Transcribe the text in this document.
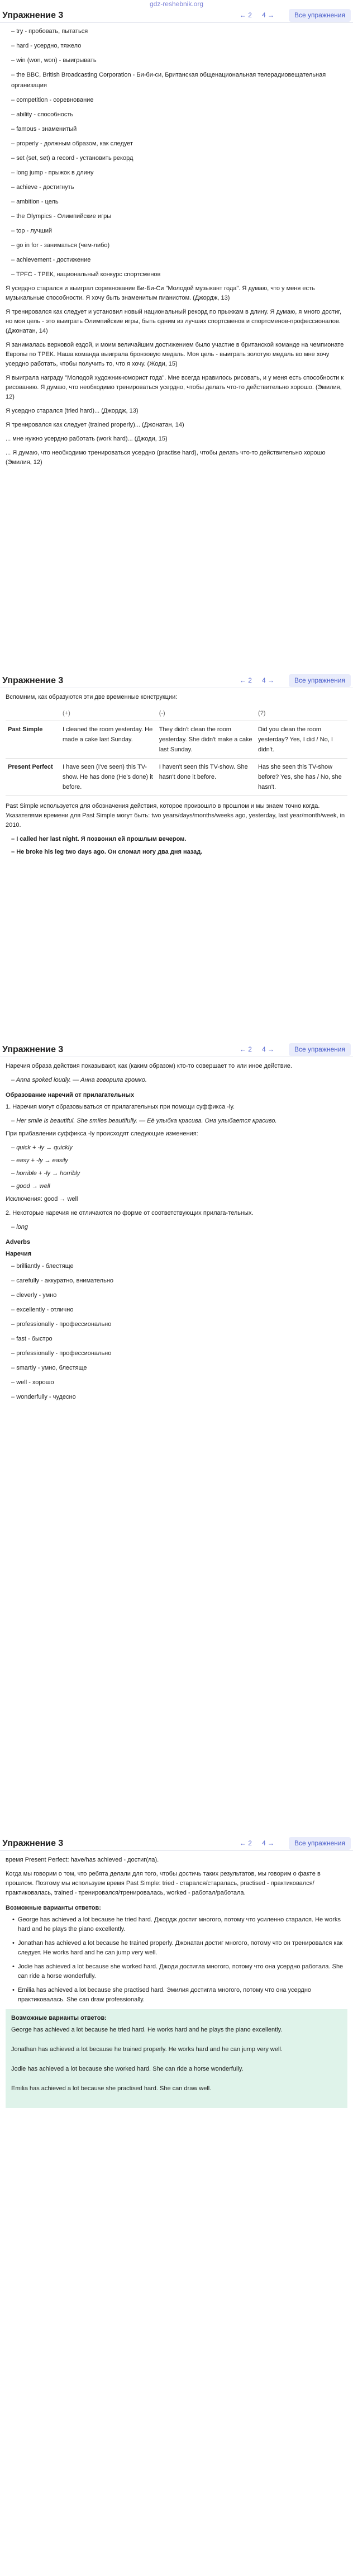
gdz-reshebnik.org
Упражнение 3	← 2	4 →	Все упражнения
– try - пробовать, пытаться
– hard - усердно, тяжело
– win (won, won) - выигрывать
– the BBC, British Broadcasting Corporation - Би-би-си, Британская общенациональная телерадиовещательная организация
– competition - соревнование
– ability - способность
– famous - знаменитый
– properly - должным образом, как следует
– set (set, set) a record - установить рекорд
– long jump - прыжок в длину
– achieve - достигнуть
– ambition - цель
– the Olympics - Олимпийские игры
– top - лучший
– go in for - заниматься (чем-либо)
– achievement - достижение
– TPFC - ТРЕК, национальный конкурс спортсменов

Я усердно старался и выиграл соревнование Би-Би-Си "Молодой музыкант года". Я думаю, что у меня есть музыкальные способности. Я хочу быть знаменитым пианистом. (Джордж, 13)

Я тренировался как следует и установил новый национальный рекорд по прыжкам в длину. Я думаю, я много достиг, но моя цель - это выиграть Олимпийские игры, быть одним из лучших спортсменов и спортсменов-профессионалов. (Джонатан, 14)

Я занималась верховой ездой, и моим величайшим достижением было участие в британской команде на чемпионате Европы по TPEK. Наша команда выиграла бронзовую медаль. Моя цель - выиграть золотую медаль во мне хочу усердно работать, чтобы получить то, что я хочу. (Жоди, 15)

Я выиграла награду "Молодой художник-юморист года". Мне всегда нравилось рисовать, и у меня есть способности к рисованию. Я думаю, что необходимо тренироваться усердно, чтобы делать что-то действительно хорошо. (Эмилия, 12)

Я усердно старался (tried hard)... (Джордж, 13)

Я тренировался как следует (trained properly)... (Джонатан, 14)

... мне нужно усердно работать (work hard)... (Джоди, 15)

... Я думаю, что необходимо тренироваться усердно (practise hard), чтобы делать что-то действительно хорошо (Эмилия, 12)

Упражнение 3	← 2	4 →	Все упражнения

Вспомним, как образуются эти две временные конструкции:

	(+)	(-)	(?)
Past Simple	I cleaned the room yesterday. He made a cake last Sunday.	They didn't clean the room yesterday. She didn't make a cake last Sunday.	Did you clean the room yesterday? Yes, I did / No, I didn't.
Present Perfect	I have seen (I've seen) this TV-show. He has done (He's done) it before.	I haven't seen this TV-show. She hasn't done it before.	Has she seen this TV-show before? Yes, she has / No, she hasn't.

Past Simple используется для обозначения действия, которое произошло в прошлом и мы знаем точно когда. Указателями времени для Past Simple могут быть: two years/days/months/weeks ago, yesterday, last year/month/week, in 2010.

– I called her last night. Я позвонил ей прошлым вечером.
– He broke his leg two days ago. Он сломал ногу два дня назад.
Упражнение 3	← 2	4 →	Все упражнения

Наречия образа действия показывают, как (каким образом) кто-то совершает то или иное действие.

– Anna spoked loudly. — Анна говорила громко.
Образование наречий от прилагательных

1. Наречия могут образовываться от прилагательных при помощи суффикса -ly.

– Her smile is beautiful. She smiles beautifully. — Её улыбка красива. Она улыбается красиво.

При прибавлении суффикса -ly происходят следующие изменения:

– quick + -ly → quickly
– easy + -ly → easily
– horrible + -ly → horribly
– good → well

Исключения: good → well

2. Некоторые наречия не отличаются по форме от соответствующих прилага-тельных.

– long
Adverbs
Наречия
– brilliantly - блестяще
– carefully - аккуратно, внимательно
– cleverly - умно
– excellently - отлично
– professionally - профессионально
– fast - быстро
– professionally - профессионально
– smartly - умно, блестяще
– well - хорошо
– wonderfully - чудесно
Упражнение 3	← 2	4 →	Все упражнения

время Present Perfect: have/has achieved - достиг(ла).

Когда мы говорим о том, что ребята делали для того, чтобы достичь таких результатов, мы говорим о факте в прошлом. Поэтому мы используем время Past Simple: tried - старался/старалась, practised - практиковался/практиковалась, trained - тренировался/тренировалась, worked - работал/работала.

Возможные варианты ответов:
• George has achieved a lot because he tried hard. Джордж достиг многого, потому что усиленно старался. He works hard and he plays the piano excellently.
• Jonathan has achieved a lot because he trained properly. Джонатан достиг многого, потому что он тренировался как следует. He works hard and he can jump very well.
• Jodie has achieved a lot because she worked hard. Джоди достигла многого, потому что она усердно работала. She can ride a horse wonderfully.
• Emilia has achieved a lot because she practised hard. Эмилия достигла многого, потому что она усердно практиковалась. She can draw professionally.
Возможные варианты ответов:

George has achieved a lot because he tried hard. He works hard and he plays the piano excellently.

Jonathan has achieved a lot because he trained properly. He works hard and he can jump very well.

Jodie has achieved a lot because she worked hard. She can ride a horse wonderfully.

Emilia has achieved a lot because she practised hard. She can draw well.
